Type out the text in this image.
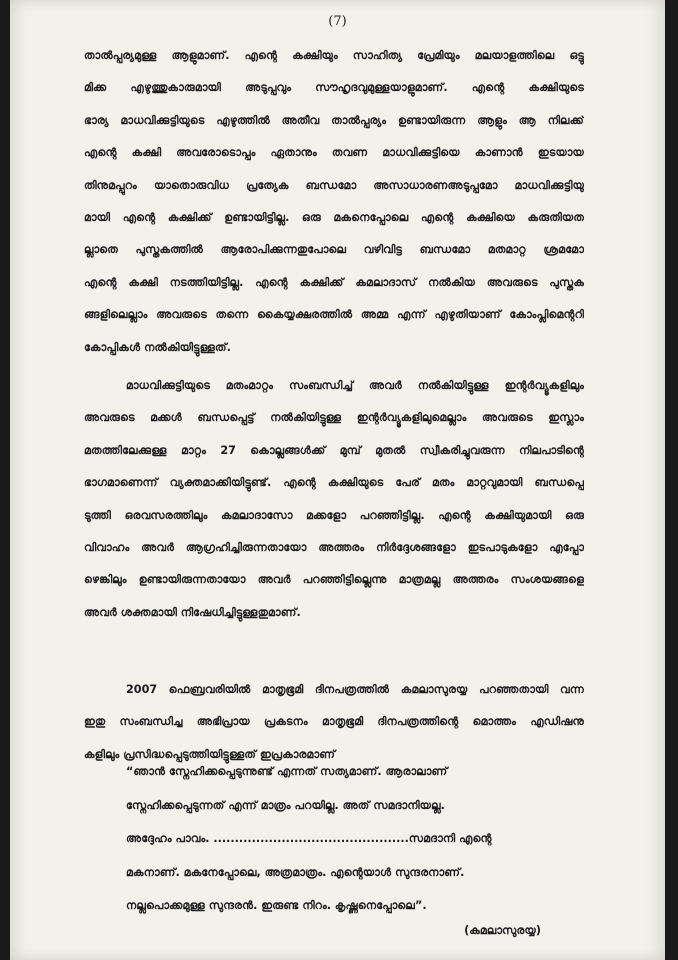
(7)
താൽപ്പര്യമുള്ള ആളുമാണ്. എന്റെ കക്ഷിയും സാഹിത്യ പ്രേമിയും മലയാളത്തിലെ ഒട്ടു
മിക്ക എഴുത്തുകാരുമായി അടുപ്പവും സൗഹൃദവുമുള്ളയാളുമാണ്. എന്റെ കക്ഷിയുടെ
ഭാര്യ മാധവിക്കുട്ടിയുടെ എഴുത്തിൽ അതീവ താൽപ്പര്യം ഉണ്ടായിരുന്ന ആളും ആ നിലക്ക്
എന്റെ കക്ഷി അവരോടൊപ്പം ഏതാനും തവണ മാധവിക്കുട്ടിയെ കാണാൻ ഇടയായ
തിനുമപ്പുറം യാതൊരുവിധ പ്രത്യേക ബന്ധമോ അസാധാരണഅടുപ്പമോ മാധവിക്കുട്ടിയു
മായി എന്റെ കക്ഷിക്ക് ഉണ്ടായിട്ടില്ല. ഒരു മകനെപ്പോലെ എന്റെ കക്ഷിയെ കരുതിയത
ല്ലാതെ പുസ്തകത്തിൽ ആരോപിക്കുന്നതുപോലെ വഴിവിട്ട ബന്ധമോ മതമാറ്റ ശ്രമമോ
എന്റെ കക്ഷി നടത്തിയിട്ടില്ല. എന്റെ കക്ഷിക്ക് കമലാദാസ് നൽകിയ അവരുടെ പുസ്തക
ങ്ങളിലെല്ലാം അവരുടെ തന്നെ കൈയ്യക്ഷരത്തിൽ അമ്മ എന്ന് എഴുതിയാണ് കോംപ്ലിമെന്ററി
കോപ്പികൾ നൽകിയിട്ടുള്ളത്.
മാധവിക്കുട്ടിയുടെ മതംമാറ്റം സംബന്ധിച്ച് അവർ നൽകിയിട്ടുള്ള ഇന്റർവ്യൂകളിലും
അവരുടെ മക്കൾ ബന്ധപ്പെട്ട് നൽകിയിട്ടുള്ള ഇന്റർവ്യൂകളിലുമെല്ലാം അവരുടെ ഇസ്ലാം
മതത്തിലേക്കുള്ള മാറ്റം 27 കൊല്ലങ്ങൾക്ക് മുമ്പ് മുതൽ സ്വീകരിച്ചുവരുന്ന നിലപാടിന്റെ
ഭാഗമാണെന്ന് വ്യക്തമാക്കിയിട്ടുണ്ട്. എന്റെ കക്ഷിയുടെ പേര് മതം മാറ്റവുമായി ബന്ധപ്പെ
ടുത്തി ഒരവസരത്തിലും കമലാദാസോ മക്കളോ പറഞ്ഞിട്ടില്ല. എന്റെ കക്ഷിയുമായി ഒരു
വിവാഹം അവർ ആഗ്രഹിച്ചിരുന്നതായോ അത്തരം നിർദ്ദേശങ്ങളോ ഇടപാടുകളോ എപ്പോ
ഴെങ്കിലും ഉണ്ടായിരുന്നതായോ അവർ പറഞ്ഞിട്ടില്ലെന്നു മാത്രമല്ല അത്തരം സംശയങ്ങളെ
അവർ ശക്തമായി നിഷേധിച്ചിട്ടുള്ളതുമാണ്.
2007 ഫെബ്രവരിയിൽ മാതൃഭൂമി ദിനപത്രത്തിൽ കമലാസുരയ്യ പറഞ്ഞതായി വന്ന
ഇതു സംബന്ധിച്ച അഭിപ്രായ പ്രകടനം മാതൃഭൂമി ദിനപത്രത്തിന്റെ മൊത്തം എഡിഷനു
കളിലും പ്രസിദ്ധപ്പെടുത്തിയിട്ടുള്ളത് ഇപ്രകാരമാണ്
“ഞാൻ സ്നേഹിക്കപ്പെടുന്നുണ്ട് എന്നത് സത്യമാണ്. ആരാലാണ്
സ്നേഹിക്കപ്പെടുന്നത് എന്ന് മാത്രം പറയില്ല. അത് സമദാനിയല്ല.
അദ്ദേഹം പാവം. ..............................................സമദാനി എന്റെ
മകനാണ്. മകനേപ്പോലെ, അത്രമാത്രം. എന്റെയാൾ സുന്ദരനാണ്.
നല്ലപൊക്കമുള്ള സുന്ദരൻ. ഇരുണ്ട നിറം. കൃഷ്ണനെപ്പോലെ”.
(കമലാസുരയ്യ)
